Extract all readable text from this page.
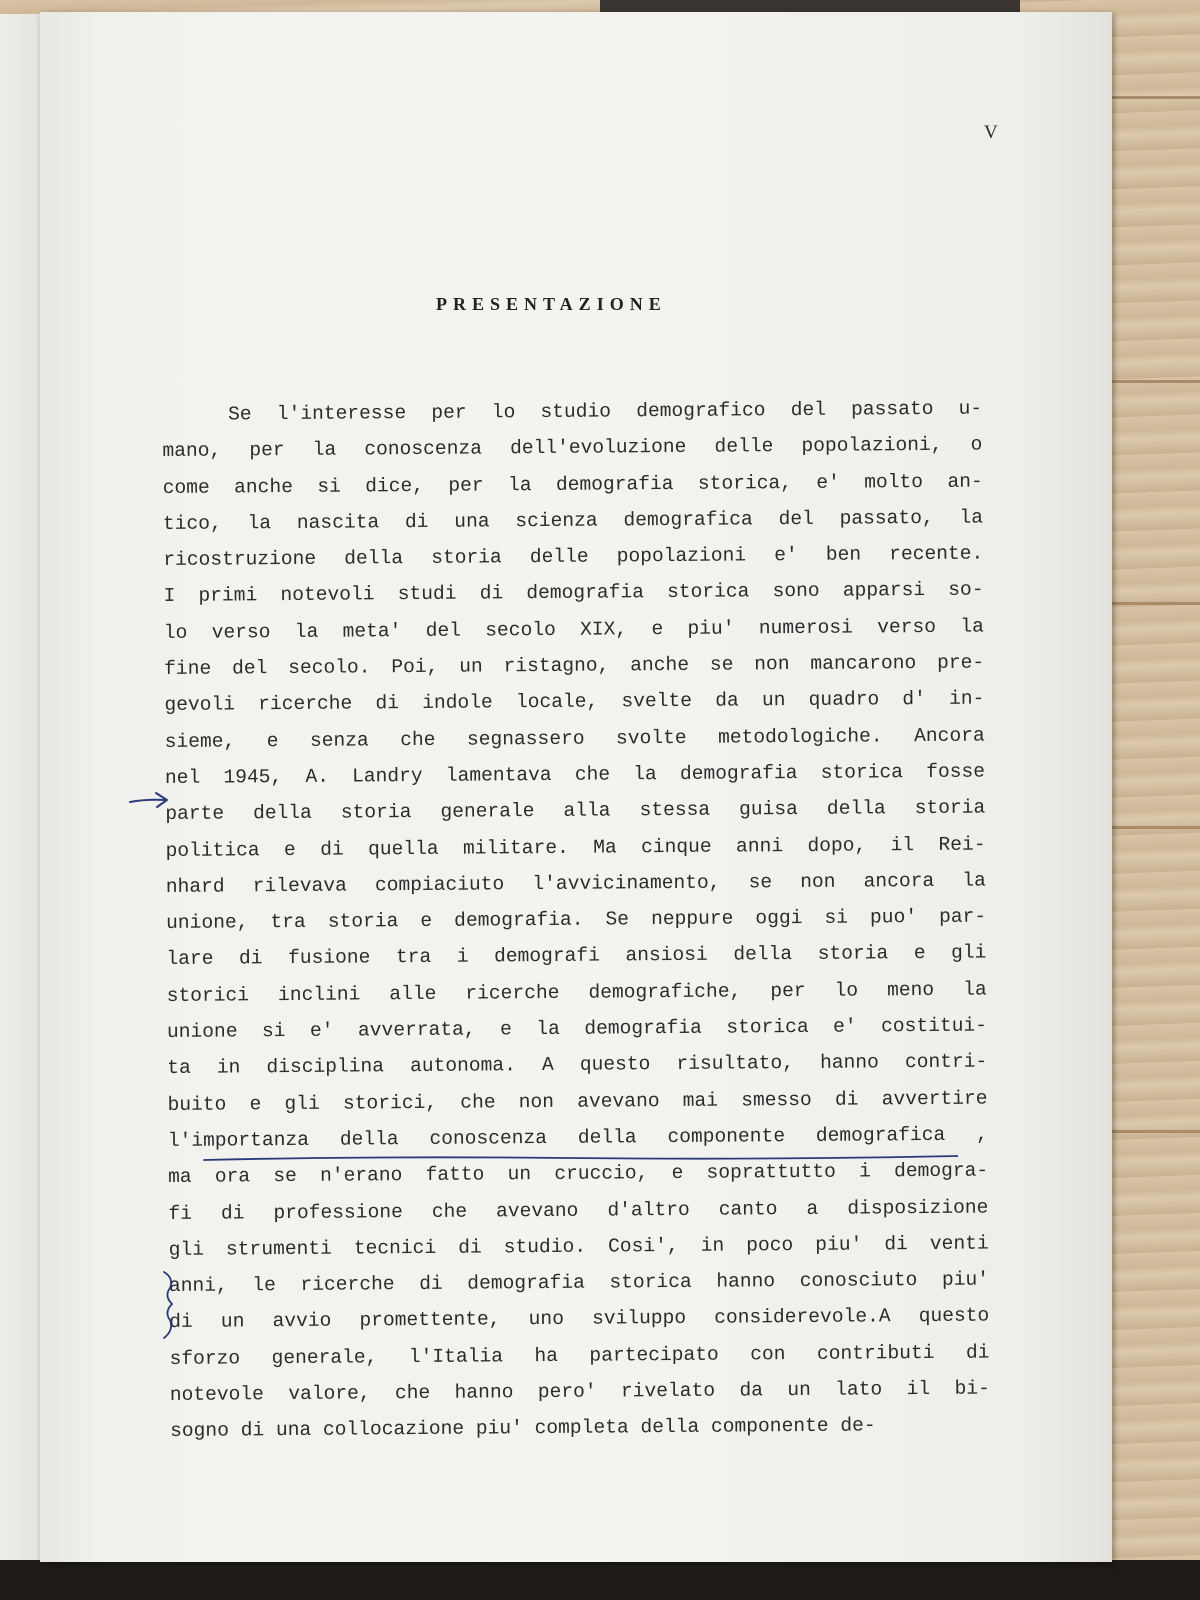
V
PRESENTAZIONE
Se l'interesse per lo studio demografico del passato u-
mano, per la conoscenza dell'evoluzione delle popolazioni, o
come anche si dice, per la demografia storica, e' molto an-
tico, la nascita di una scienza demografica del passato, la
ricostruzione della storia delle popolazioni e' ben recente.
I primi notevoli studi di demografia storica sono apparsi so-
lo verso la meta' del secolo XIX, e piu' numerosi verso la
fine del secolo. Poi, un ristagno, anche se non mancarono pre-
gevoli ricerche di indole locale, svelte da un quadro d' in-
sieme, e senza che segnassero svolte metodologiche. Ancora
nel 1945, A. Landry lamentava che la demografia storica fosse
parte della storia generale alla stessa guisa della storia
politica e di quella militare. Ma cinque anni dopo, il Rei-
nhard rilevava compiaciuto l'avvicinamento, se non ancora la
unione, tra storia e demografia. Se neppure oggi si puo' par-
lare di fusione tra i demografi ansiosi della storia e gli
storici inclini alle ricerche demografiche, per lo meno la
unione si e' avverrata, e la demografia storica e' costitui-
ta in disciplina autonoma. A questo risultato, hanno contri-
buito e gli storici, che non avevano mai smesso di avvertire
l'importanza della conoscenza della componente demografica ,
ma ora se n'erano fatto un cruccio, e soprattutto i demogra-
fi di professione che avevano d'altro canto a disposizione
gli strumenti tecnici di studio. Cosi', in poco piu' di venti
anni, le ricerche di demografia storica hanno conosciuto piu'
di un avvio promettente, uno sviluppo considerevole.A questo
sforzo generale, l'Italia ha partecipato con contributi di
notevole valore, che hanno pero' rivelato da un lato il bi-
sogno di una collocazione piu' completa della componente de-
